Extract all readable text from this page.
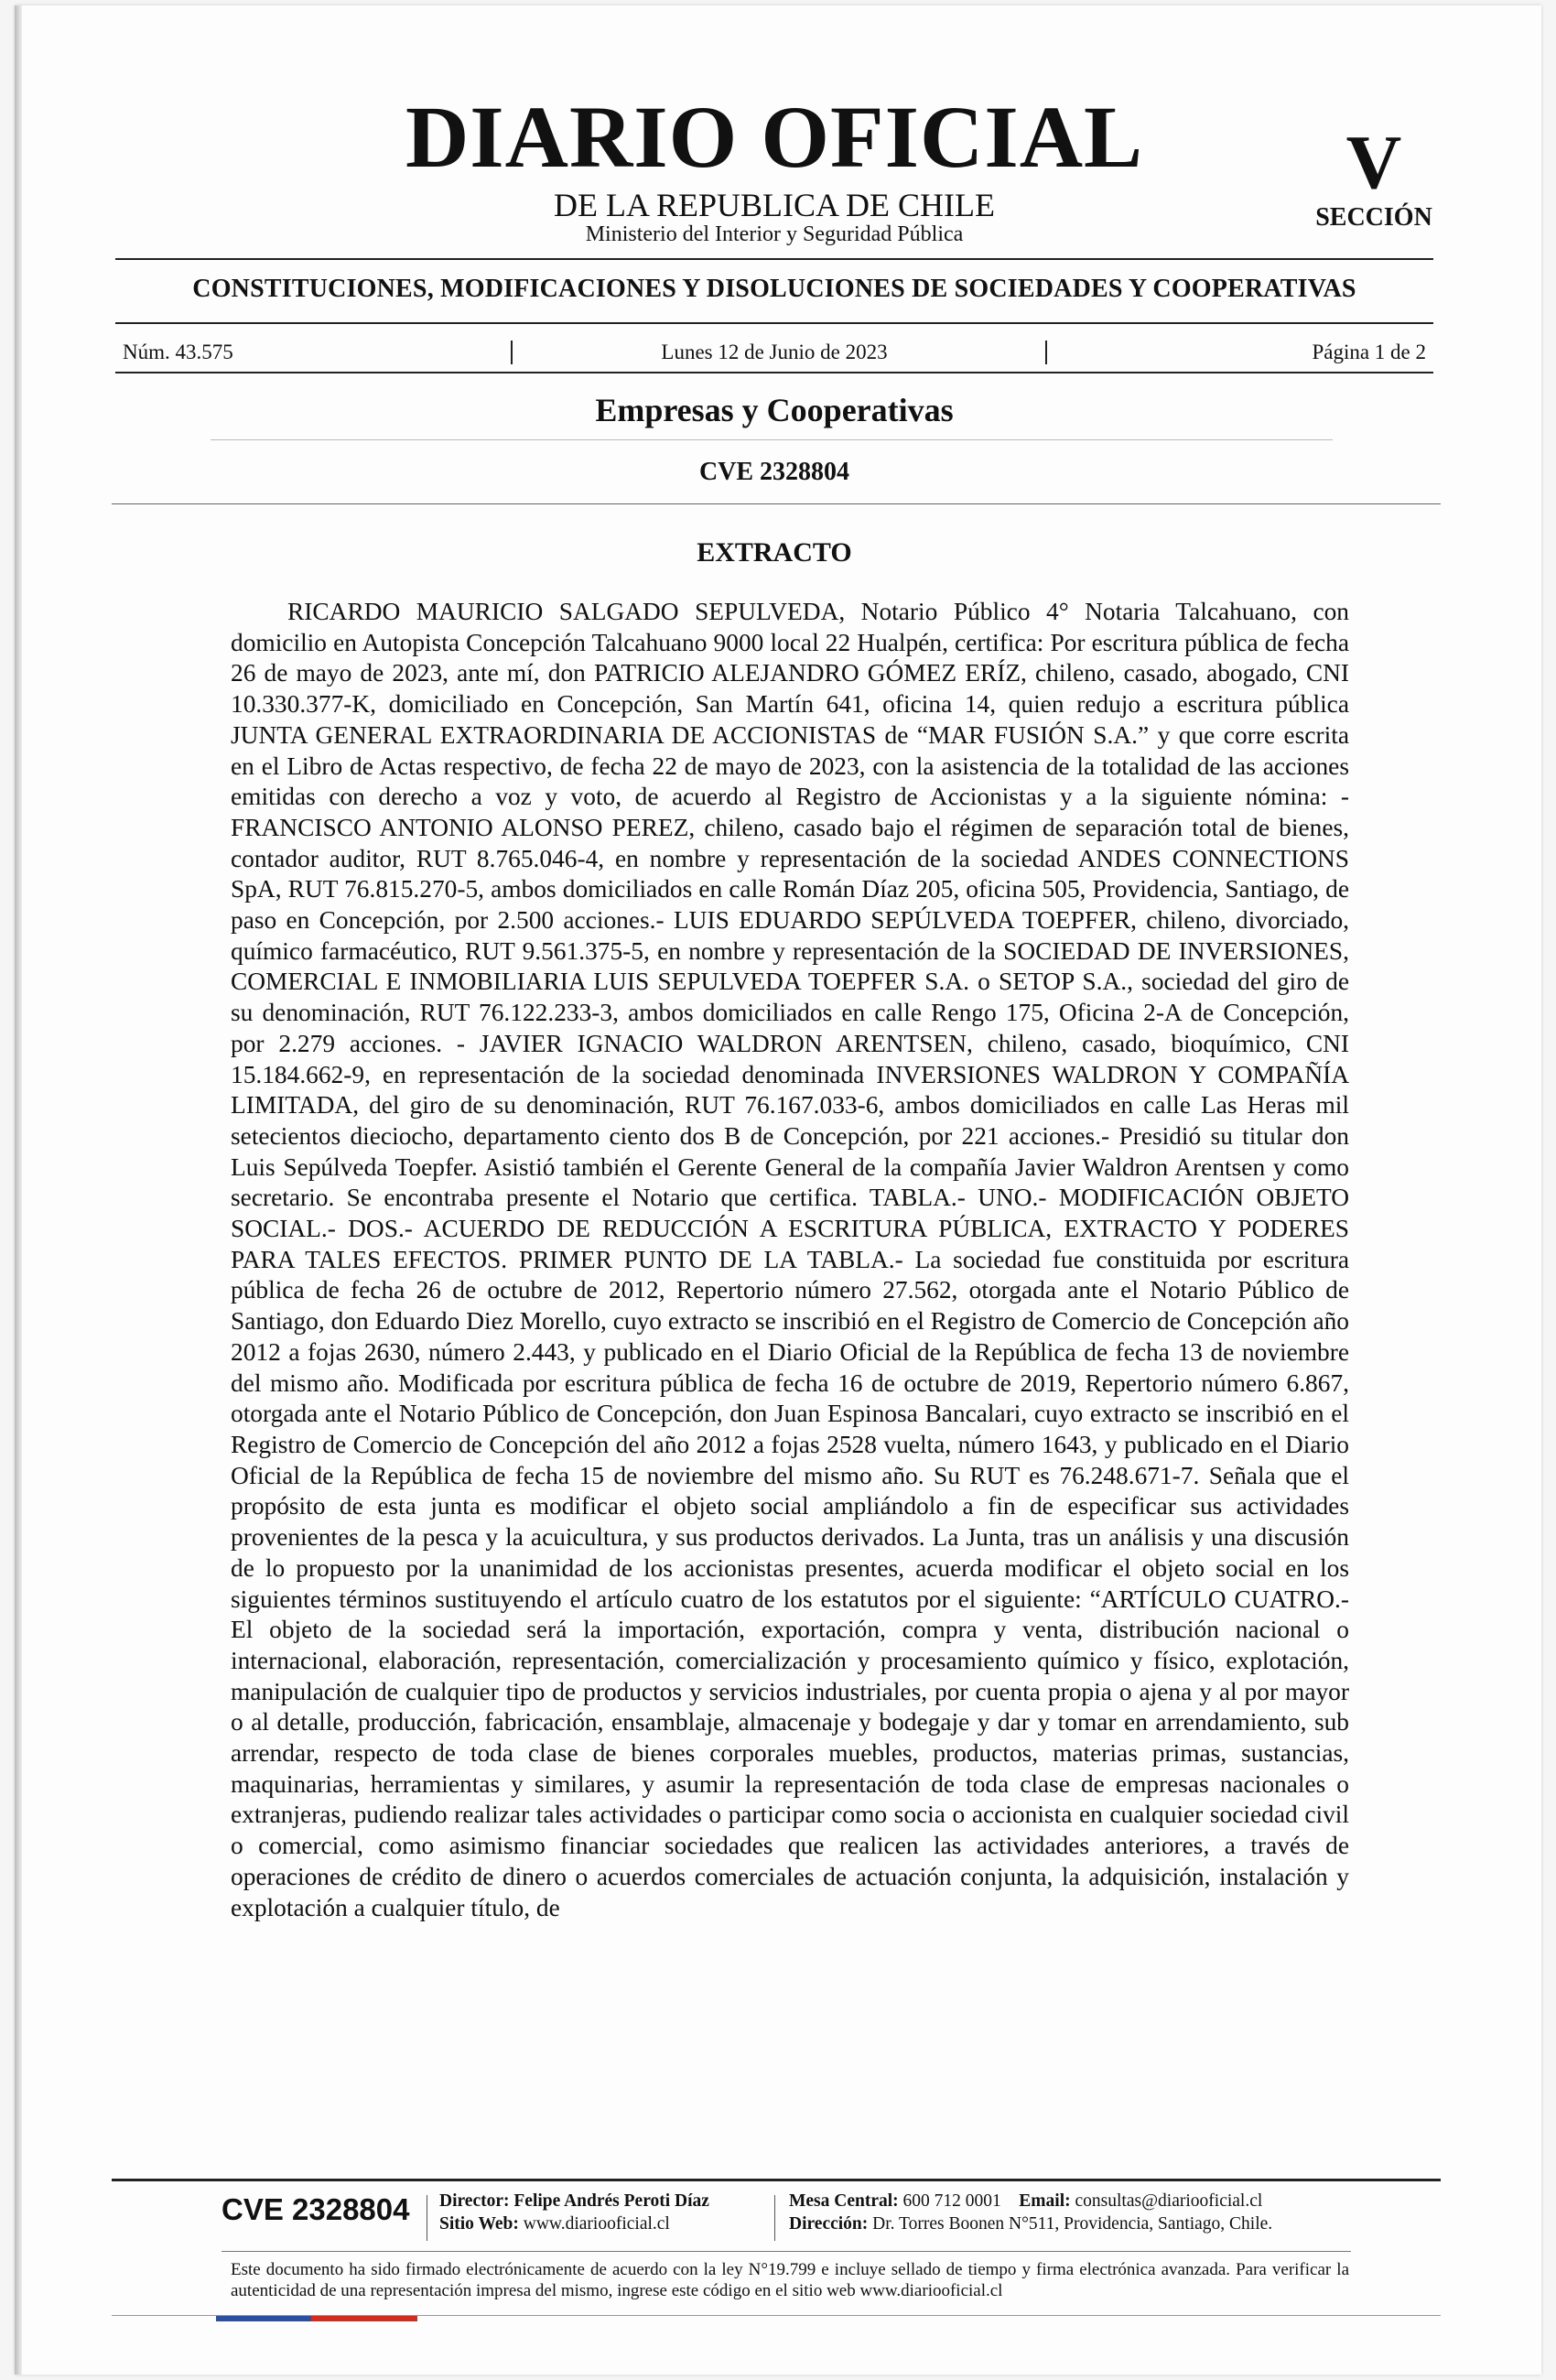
DIARIO OFICIAL
DE LA REPUBLICA DE CHILE
Ministerio del Interior y Seguridad Pública
V
SECCIÓN
CONSTITUCIONES, MODIFICACIONES Y DISOLUCIONES DE SOCIEDADES Y COOPERATIVAS
Núm. 43.575	Lunes 12 de Junio de 2023	Página 1 de 2
Empresas y Cooperativas
CVE 2328804
EXTRACTO

RICARDO MAURICIO SALGADO SEPULVEDA, Notario Público 4° Notaria Talcahuano, con domicilio en Autopista Concepción Talcahuano 9000 local 22 Hualpén, certifica: Por escritura pública de fecha 26 de mayo de 2023, ante mí, don PATRICIO ALEJANDRO GÓMEZ ERÍZ, chileno, casado, abogado, CNI 10.330.377-K, domiciliado en Concepción, San Martín 641, oficina 14, quien redujo a escritura pública JUNTA GENERAL EXTRAORDINARIA DE ACCIONISTAS de “MAR FUSIÓN S.A.” y que corre escrita en el Libro de Actas respectivo, de fecha 22 de mayo de 2023, con la asistencia de la totalidad de las acciones emitidas con derecho a voz y voto, de acuerdo al Registro de Accionistas y a la siguiente nómina: - FRANCISCO ANTONIO ALONSO PEREZ, chileno, casado bajo el régimen de separación total de bienes, contador auditor, RUT 8.765.046-4, en nombre y representación de la sociedad ANDES CONNECTIONS SpA, RUT 76.815.270-5, ambos domiciliados en calle Román Díaz 205, oficina 505, Providencia, Santiago, de paso en Concepción, por 2.500 acciones.- LUIS EDUARDO SEPÚLVEDA TOEPFER, chileno, divorciado, químico farmacéutico, RUT 9.561.375-5, en nombre y representación de la SOCIEDAD DE INVERSIONES, COMERCIAL E INMOBILIARIA LUIS SEPULVEDA TOEPFER S.A. o SETOP S.A., sociedad del giro de su denominación, RUT 76.122.233-3, ambos domiciliados en calle Rengo 175, Oficina 2-A de Concepción, por 2.279 acciones. - JAVIER IGNACIO WALDRON ARENTSEN, chileno, casado, bioquímico, CNI 15.184.662-9, en representación de la sociedad denominada INVERSIONES WALDRON Y COMPAÑÍA LIMITADA, del giro de su denominación, RUT 76.167.033-6, ambos domiciliados en calle Las Heras mil setecientos dieciocho, departamento ciento dos B de Concepción, por 221 acciones.- Presidió su titular don Luis Sepúlveda Toepfer. Asistió también el Gerente General de la compañía Javier Waldron Arentsen y como secretario. Se encontraba presente el Notario que certifica. TABLA.- UNO.- MODIFICACIÓN OBJETO SOCIAL.- DOS.- ACUERDO DE REDUCCIÓN A ESCRITURA PÚBLICA, EXTRACTO Y PODERES PARA TALES EFECTOS. PRIMER PUNTO DE LA TABLA.- La sociedad fue constituida por escritura pública de fecha 26 de octubre de 2012, Repertorio número 27.562, otorgada ante el Notario Público de Santiago, don Eduardo Diez Morello, cuyo extracto se inscribió en el Registro de Comercio de Concepción año 2012 a fojas 2630, número 2.443, y publicado en el Diario Oficial de la República de fecha 13 de noviembre del mismo año. Modificada por escritura pública de fecha 16 de octubre de 2019, Repertorio número 6.867, otorgada ante el Notario Público de Concepción, don Juan Espinosa Bancalari, cuyo extracto se inscribió en el Registro de Comercio de Concepción del año 2012 a fojas 2528 vuelta, número 1643, y publicado en el Diario Oficial de la República de fecha 15 de noviembre del mismo año. Su RUT es 76.248.671-7. Señala que el propósito de esta junta es modificar el objeto social ampliándolo a fin de especificar sus actividades provenientes de la pesca y la acuicultura, y sus productos derivados. La Junta, tras un análisis y una discusión de lo propuesto por la unanimidad de los accionistas presentes, acuerda modificar el objeto social en los siguientes términos sustituyendo el artículo cuatro de los estatutos por el siguiente: “ARTÍCULO CUATRO.- El objeto de la sociedad será la importación, exportación, compra y venta, distribución nacional o internacional, elaboración, representación, comercialización y procesamiento químico y físico, explotación, manipulación de cualquier tipo de productos y servicios industriales, por cuenta propia o ajena y al por mayor o al detalle, producción, fabricación, ensamblaje, almacenaje y bodegaje y dar y tomar en arrendamiento, sub arrendar, respecto de toda clase de bienes corporales muebles, productos, materias primas, sustancias, maquinarias, herramientas y similares, y asumir la representación de toda clase de empresas nacionales o extranjeras, pudiendo realizar tales actividades o participar como socia o accionista en cualquier sociedad civil o comercial, como asimismo financiar sociedades que realicen las actividades anteriores, a través de operaciones de crédito de dinero o acuerdos comerciales de actuación conjunta, la adquisición, instalación y explotación a cualquier título, de

CVE 2328804	Director: Felipe Andrés Peroti Díaz
Sitio Web: www.diariooficial.cl
Mesa Central: 600 712 0001 Email: consultas@diariooficial.cl
Dirección: Dr. Torres Boonen N°511, Providencia, Santiago, Chile.

Este documento ha sido firmado electrónicamente de acuerdo con la ley N°19.799 e incluye sellado de tiempo y firma electrónica avanzada. Para verificar la autenticidad de una representación impresa del mismo, ingrese este código en el sitio web www.diariooficial.cl
